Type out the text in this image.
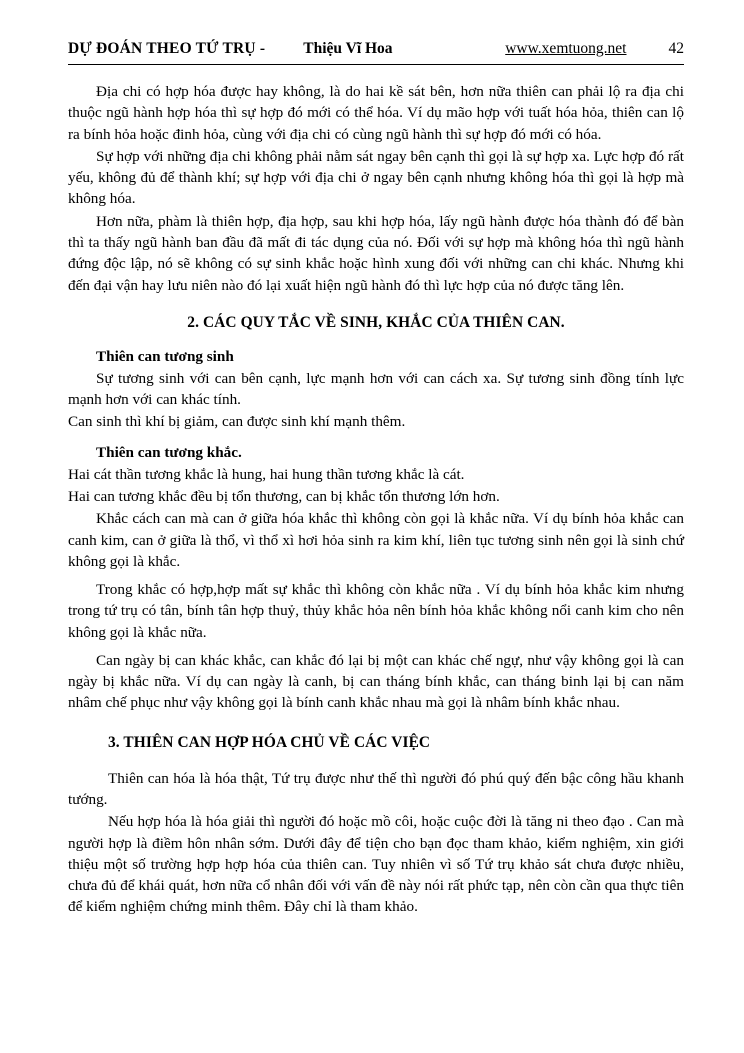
DỰ ĐOÁN THEO TỨ TRỤ - Thiệu Vĩ Hoa	www.xemtuong.net	42

Địa chi có hợp hóa được hay không, là do hai kề sát bên, hơn nữa thiên can phải lộ ra địa chi thuộc ngũ hành hợp hóa thì sự hợp đó mới có thể hóa. Ví dụ mão hợp với tuất hóa hỏa, thiên can lộ ra bính hỏa hoặc đinh hỏa, cùng với địa chi có cùng ngũ hành thì sự hợp đó mới có hóa.

Sự hợp với những địa chi không phải nằm sát ngay bên cạnh thì gọi là sự hợp xa. Lực hợp đó rất yếu, không đủ để thành khí; sự hợp với địa chi ở ngay bên cạnh nhưng không hóa thì gọi là hợp mà không hóa.

Hơn nữa, phàm là thiên hợp, địa hợp, sau khi hợp hóa, lấy ngũ hành được hóa thành đó để bàn thì ta thấy ngũ hành ban đầu đã mất đi tác dụng của nó. Đối với sự hợp mà không hóa thì ngũ hành đứng độc lập, nó sẽ không có sự sinh khắc hoặc hình xung đối với những can chi khác. Nhưng khi đến đại vận hay lưu niên nào đó lại xuất hiện ngũ hành đó thì lực hợp của nó được tăng lên.

2. CÁC QUY TẮC VỀ SINH, KHẮC CỦA THIÊN CAN.
Thiên can tương sinh

Sự tương sinh với can bên cạnh, lực mạnh hơn với can cách xa. Sự tương sinh đồng tính lực mạnh hơn với can khác tính.

Can sinh thì khí bị giảm, can được sinh khí mạnh thêm.

Thiên can tương khắc.

Hai cát thần tương khắc là hung, hai hung thần tương khắc là cát.

Hai can tương khắc đều bị tổn thương, can bị khắc tổn thương lớn hơn.

Khắc cách can mà can ở giữa hóa khắc thì không còn gọi là khắc nữa. Ví dụ bính hỏa khắc can canh kim, can ở giữa là thổ, vì thổ xì hơi hỏa sinh ra kim khí, liên tục tương sinh nên gọi là sinh chứ không gọi là khắc.

Trong khắc có hợp,hợp mất sự khắc thì không còn khắc nữa . Ví dụ bính hỏa khắc kim nhưng trong tứ trụ có tân, bính tân hợp thuỷ, thủy khắc hỏa nên bính hỏa khắc không nổi canh kim cho nên không gọi là khắc nữa.

Can ngày bị can khác khắc, can khắc đó lại bị một can khác chế ngự, như vậy không gọi là can ngày bị khắc nữa. Ví dụ can ngày là canh, bị can tháng bính khắc, can tháng binh lại bị can năm nhâm chế phục như vậy không gọi là bính canh khắc nhau mà gọi là nhâm bính khắc nhau.

3. THIÊN CAN HỢP HÓA CHỦ VỀ CÁC VIỆC

Thiên can hóa là hóa thật, Tứ trụ được như thế thì người đó phú quý đến bậc công hầu khanh tướng.

Nếu hợp hóa là hóa giải thì người đó hoặc mồ côi, hoặc cuộc đời là tăng ni theo đạo . Can mà người hợp là điềm hôn nhân sớm. Dưới đây để tiện cho bạn đọc tham khảo, kiểm nghiệm, xin giới thiệu một số trường hợp hợp hóa của thiên can. Tuy nhiên vì số Tứ trụ khảo sát chưa được nhiều, chưa đủ để khái quát, hơn nữa cổ nhân đối với vấn đề này nói rất phức tạp, nên còn cần qua thực tiên để kiểm nghiệm chứng minh thêm. Đây chỉ là tham khảo.
